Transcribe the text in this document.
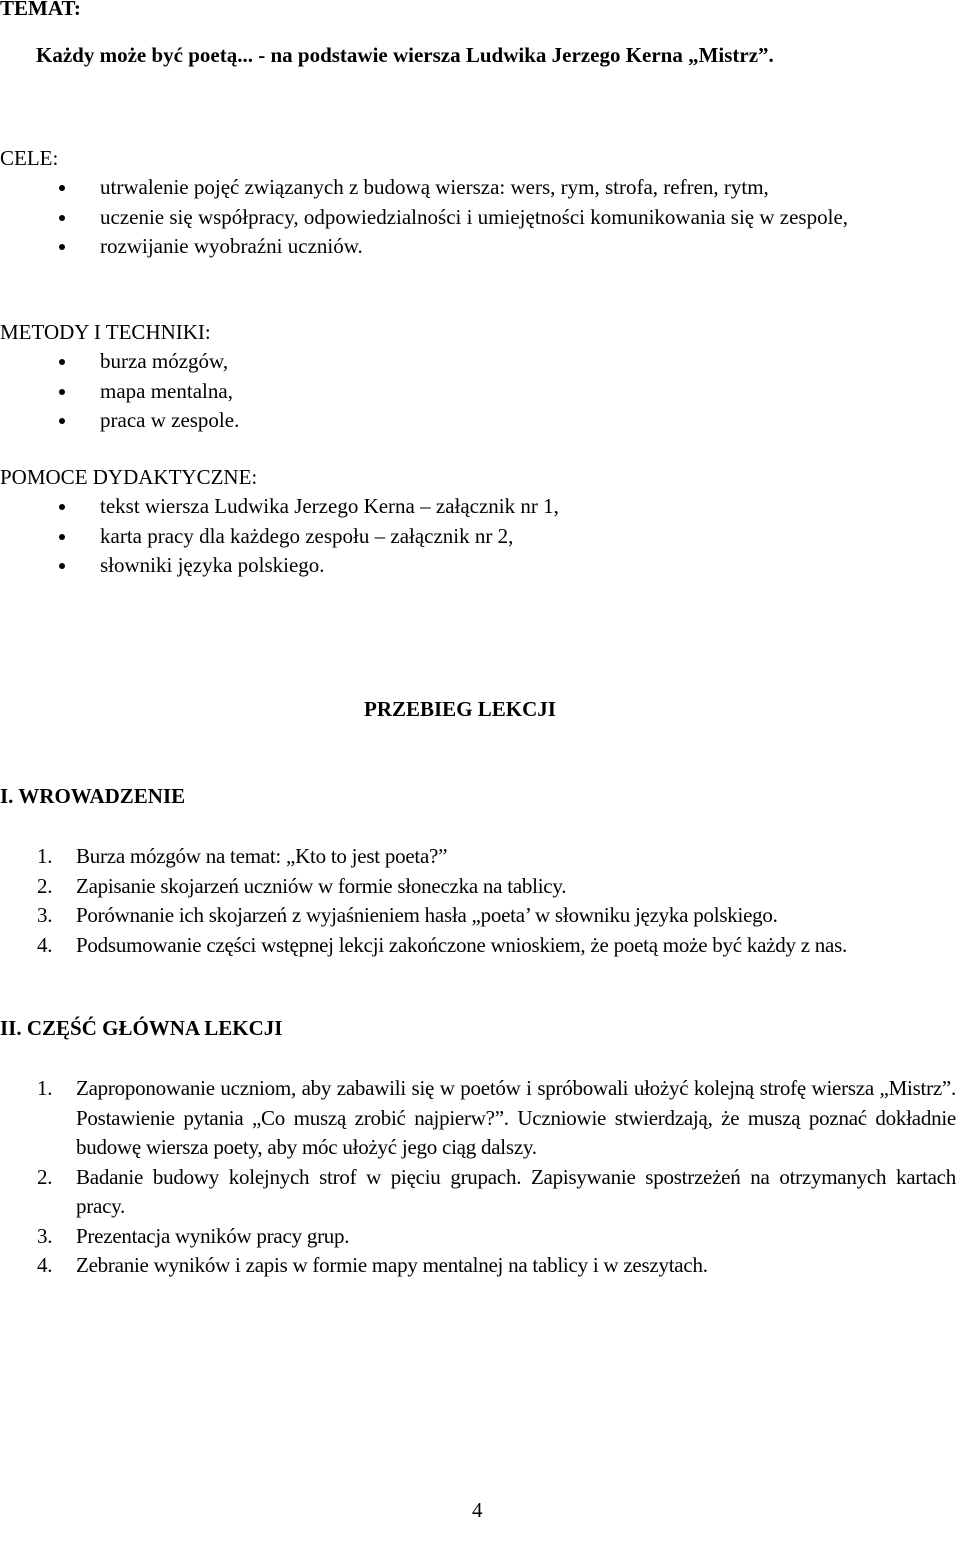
TEMAT:
Każdy może być poetą... - na podstawie wiersza Ludwika Jerzego Kerna „Mistrz”.
CELE:
utrwalenie pojęć związanych z budową wiersza: wers, rym, strofa, refren, rytm,
uczenie się współpracy, odpowiedzialności i umiejętności komunikowania się w zespole,
rozwijanie wyobraźni uczniów.
METODY I TECHNIKI:
burza mózgów,
mapa mentalna,
praca w zespole.
POMOCE DYDAKTYCZNE:
tekst wiersza Ludwika Jerzego Kerna – załącznik nr 1,
karta pracy dla każdego zespołu – załącznik nr 2,
słowniki języka polskiego.
PRZEBIEG LEKCJI
I. WROWADZENIE
1. Burza mózgów na temat: „Kto to jest poeta?”
2. Zapisanie skojarzeń uczniów w formie słoneczka na tablicy.
3. Porównanie ich skojarzeń z wyjaśnieniem hasła „poeta’ w słowniku języka polskiego.
4. Podsumowanie części wstępnej lekcji zakończone wnioskiem, że poetą może być każdy z nas.
II. CZĘŚĆ GŁÓWNA LEKCJI
1. Zaproponowanie uczniom, aby zabawili się w poetów i spróbowali ułożyć kolejną strofę wiersza „Mistrz”. Postawienie pytania „Co muszą zrobić najpierw?”. Uczniowie stwierdzają, że muszą poznać dokładnie budowę wiersza poety, aby móc ułożyć jego ciąg dalszy.
2. Badanie budowy kolejnych strof w pięciu grupach. Zapisywanie spostrzeżeń na otrzymanych kartach pracy.
3. Prezentacja wyników pracy grup.
4. Zebranie wyników i zapis w formie mapy mentalnej na tablicy i w zeszytach.
4
